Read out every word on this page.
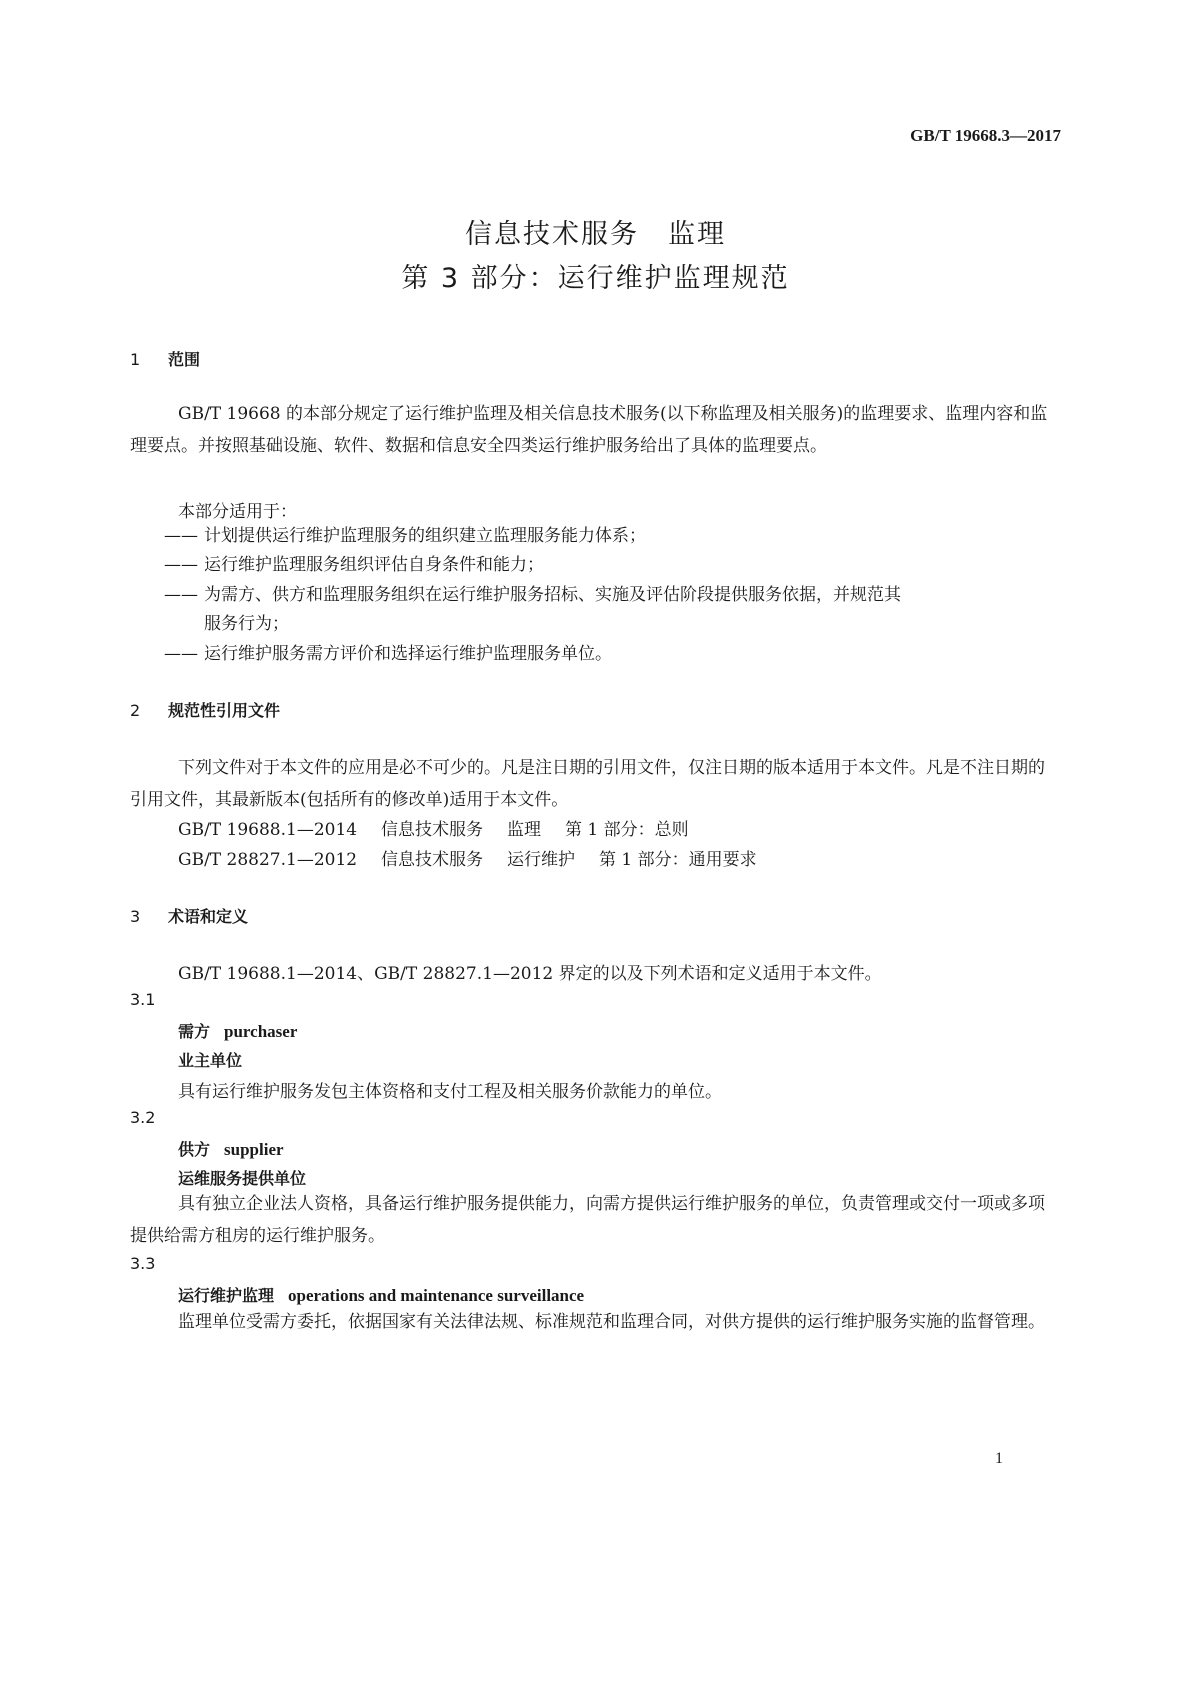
GB/T 19668.3—2017
信息技术服务　监理
第 3 部分：运行维护监理规范
1 范围
GB/T 19668 的本部分规定了运行维护监理及相关信息技术服务(以下称监理及相关服务)的监理要求、监理内容和监理要点。并按照基础设施、软件、数据和信息安全四类运行维护服务给出了具体的监理要点。
本部分适用于：
—— 计划提供运行维护监理服务的组织建立监理服务能力体系；
—— 运行维护监理服务组织评估自身条件和能力；
—— 为需方、供方和监理服务组织在运行维护服务招标、实施及评估阶段提供服务依据，并规范其
服务行为；
—— 运行维护服务需方评价和选择运行维护监理服务单位。
2 规范性引用文件
下列文件对于本文件的应用是必不可少的。凡是注日期的引用文件，仅注日期的版本适用于本文件。凡是不注日期的引用文件，其最新版本(包括所有的修改单)适用于本文件。
GB/T 19688.1—2014 信息技术服务 监理 第 1 部分：总则
GB/T 28827.1—2012 信息技术服务 运行维护 第 1 部分：通用要求
3 术语和定义
GB/T 19688.1—2014、GB/T 28827.1—2012 界定的以及下列术语和定义适用于本文件。
3.1
需方 purchaser
业主单位
具有运行维护服务发包主体资格和支付工程及相关服务价款能力的单位。
3.2
供方 supplier
运维服务提供单位
具有独立企业法人资格，具备运行维护服务提供能力，向需方提供运行维护服务的单位，负责管理或交付一项或多项提供给需方租房的运行维护服务。
3.3
运行维护监理 operations and maintenance surveillance
监理单位受需方委托，依据国家有关法律法规、标准规范和监理合同，对供方提供的运行维护服务实施的监督管理。
1
